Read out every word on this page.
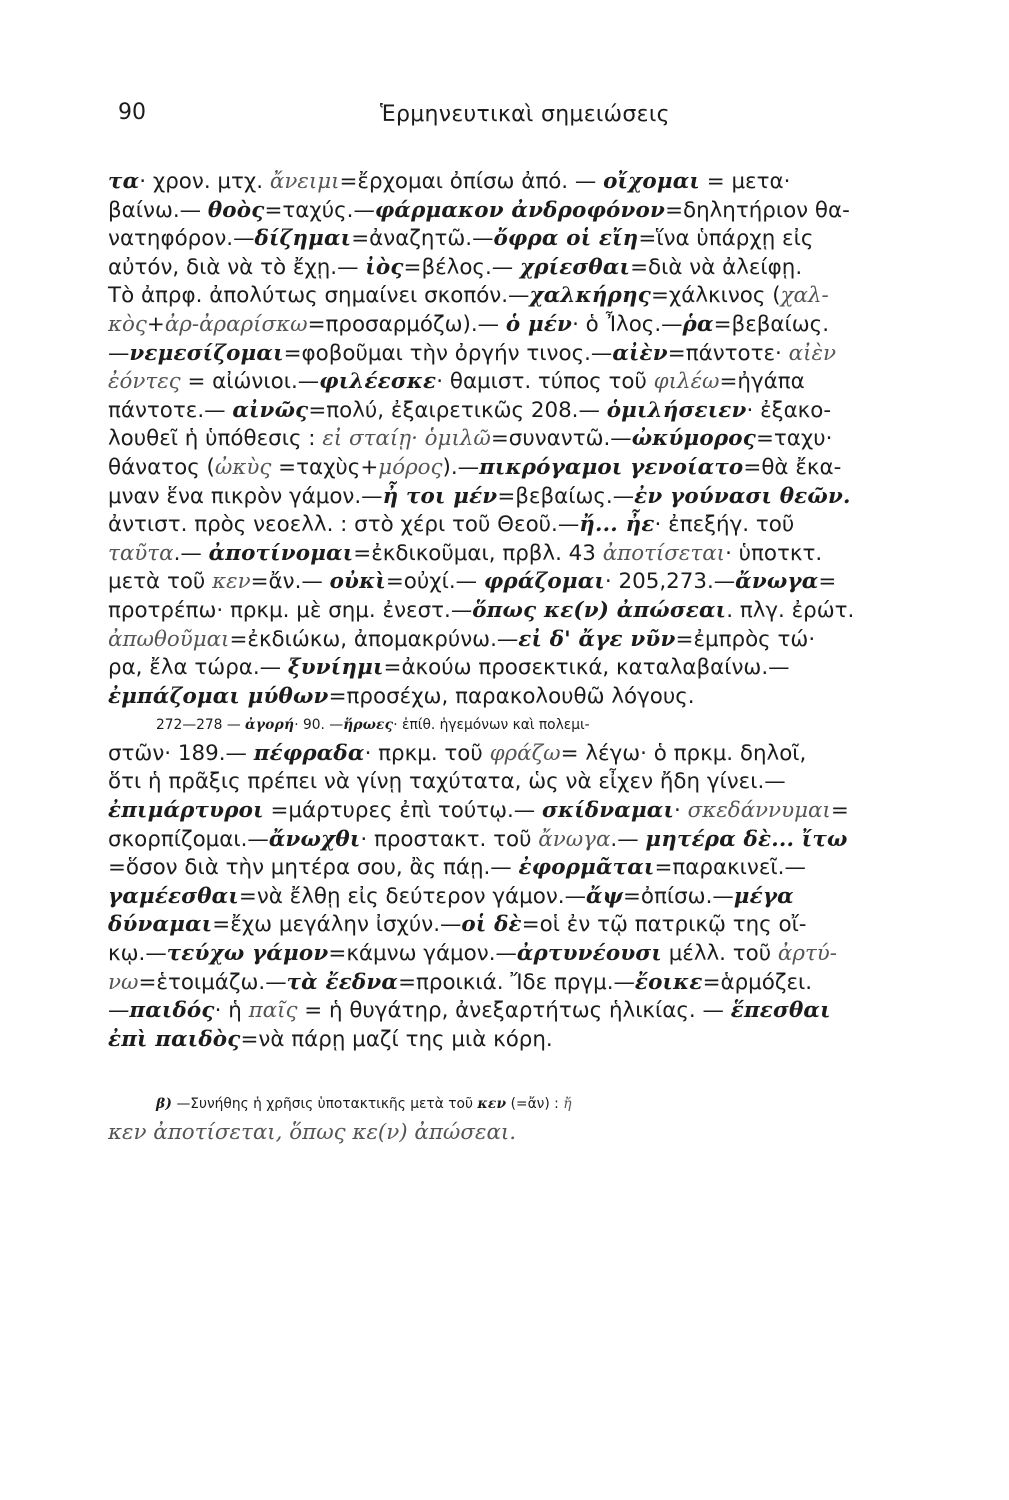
90	Ἑρμηνευτικαὶ σημειώσεις
τα· χρον. μτχ. ἄνειμι=ἔρχομαι ὀπίσω ἀπό. — οἴχομαι = μετα·
βαίνω.— θοὸς=ταχύς.—φάρμακον ἀνδροφόνον=δηλητήριον θα-
νατηφόρον.—δίζημαι=ἀναζητῶ.—ὄφρα οἱ εἴη=ἵνα ὑπάρχῃ εἰς
αὐτόν, διὰ νὰ τὸ ἔχῃ.— ἰὸς=βέλος.— χρίεσθαι=διὰ νὰ ἀλείφῃ.
Τὸ ἀπρφ. ἀπολύτως σημαίνει σκοπόν.—χαλκήρης=χάλκινος (χαλ-
κὸς+ἀρ-ἀραρίσκω=προσαρμόζω).— ὁ μέν· ὁ Ἶλος.—ῥα=βεβαίως.
—νεμεσίζομαι=φοβοῦμαι τὴν ὀργήν τινος.—αἰὲν=πάντοτε· αἰὲν
ἐόντες = αἰώνιοι.—φιλέεσκε· θαμιστ. τύπος τοῦ φιλέω=ἠγάπα
πάντοτε.— αἰνῶς=πολύ, ἐξαιρετικῶς 208.— ὁμιλήσειεν· ἐξακο-
λουθεῖ ἡ ὑπόθεσις : εἰ σταίῃ· ὁμιλῶ=συναντῶ.—ὠκύμορος=ταχυ·
θάνατος (ὠκὺς =ταχὺς+μόρος).—πικρόγαμοι γενοίατο=θὰ ἔκα-
μναν ἕνα πικρὸν γάμον.—ἦ τοι μέν=βεβαίως.—ἐν γούνασι θεῶν.
ἀντιστ. πρὸς νεοελλ. : στὸ χέρι τοῦ Θεοῦ.—ἤ... ἦε· ἐπεξήγ. τοῦ
ταῦτα.— ἀποτίνομαι=ἐκδικοῦμαι, πρβλ. 43 ἀποτίσεται· ὑποτκτ.
μετὰ τοῦ κεν=ἄν.— οὐκὶ=οὐχί.— φράζομαι· 205,273.—ἄνωγα=
προτρέπω· πρκμ. μὲ σημ. ἐνεστ.—ὅπως κε(ν) ἀπώσεαι. πλγ. ἐρώτ.
ἀπωθοῦμαι=ἐκδιώκω, ἀπομακρύνω.—εἰ δ' ἄγε νῦν=ἐμπρὸς τώ·
ρα, ἔλα τώρα.— ξυνίημι=ἀκούω προσεκτικά, καταλαβαίνω.—
ἐμπάζομαι μύθων=προσέχω, παρακολουθῶ λόγους.
272—278 — ἀγορή· 90. —ἥρωες· ἐπίθ. ἡγεμόνων καὶ πολεμι-
στῶν· 189.— πέφραδα· πρκμ. τοῦ φράζω= λέγω· ὁ πρκμ. δηλοῖ,
ὅτι ἡ πρᾶξις πρέπει νὰ γίνῃ ταχύτατα, ὡς νὰ εἶχεν ἤδη γίνει.—
ἐπιμάρτυροι =μάρτυρες ἐπὶ τούτῳ.— σκίδναμαι· σκεδάννυμαι=
σκορπίζομαι.—ἄνωχθι· προστακτ. τοῦ ἄνωγα.— μητέρα δὲ... ἴτω
=ὅσον διὰ τὴν μητέρα σου, ἂς πάῃ.— ἐφορμᾶται=παρακινεῖ.—
γαμέεσθαι=νὰ ἔλθῃ εἰς δεύτερον γάμον.—ἄψ=ὀπίσω.—μέγα
δύναμαι=ἔχω μεγάλην ἰσχύν.—οἱ δὲ=οἱ ἐν τῷ πατρικῷ της οἴ-
κῳ.—τεύχω γάμον=κάμνω γάμον.—ἀρτυνέουσι μέλλ. τοῦ ἀρτύ-
νω=ἑτοιμάζω.—τὰ ἔεδνα=προικιά. Ἴδε πργμ.—ἔοικε=ἁρμόζει.
—παιδός· ἡ παῖς = ἡ θυγάτηρ, ἀνεξαρτήτως ἡλικίας. — ἕπεσθαι
ἐπὶ παιδὸς=νὰ πάρῃ μαζί της μιὰ κόρη.
β) —Συνήθης ἡ χρῆσις ὑποτακτικῆς μετὰ τοῦ κεν (=ἄν) : ἤ
κεν ἀποτίσεται, ὅπως κε(ν) ἀπώσεαι.
